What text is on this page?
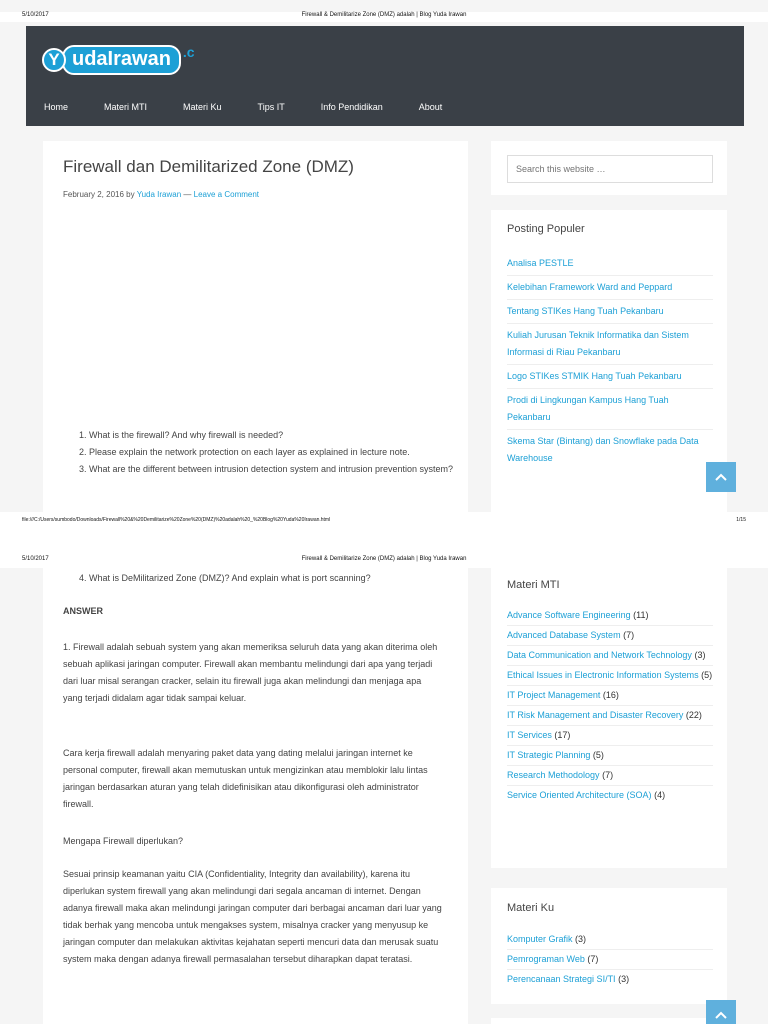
5/10/2017	Firewall & Demilitarize Zone (DMZ) adalah | Blog Yuda Irawan
Y udaIrawan .c
Home	Materi MTI	Materi Ku	Tips IT	Info Pendidikan	About
Firewall dan Demilitarized Zone (DMZ)
February 2, 2016 by Yuda Irawan — Leave a Comment
1. What is the firewall? And why firewall is needed?
2. Please explain the network protection on each layer as explained in lecture note.
3. What are the different between intrusion detection system and intrusion prevention system?
Search this website …
Posting Populer
Analisa PESTLE
Kelebihan Framework Ward and Peppard
Tentang STIKes Hang Tuah Pekanbaru
Kuliah Jurusan Teknik Informatika dan Sistem Informasi di Riau Pekanbaru
Logo STIKes STMIK Hang Tuah Pekanbaru
Prodi di Lingkungan Kampus Hang Tuah Pekanbaru
Skema Star (Bintang) dan Snowflake pada Data Warehouse
file:///C:/Users/sumbodo/Downloads/Firewall%20&%20Demilitarize%20Zone%20(DMZ)%20adalah%20_%20Blog%20Yuda%20Irawan.html	1/15
5/10/2017	Firewall & Demilitarize Zone (DMZ) adalah | Blog Yuda Irawan
4. What is DeMilitarized Zone (DMZ)? And explain what is port scanning?
ANSWER

1. Firewall adalah sebuah system yang akan memeriksa seluruh data yang akan diterima oleh sebuah aplikasi jaringan computer. Firewall akan membantu melindungi dari apa yang terjadi dari luar misal serangan cracker, selain itu firewall juga akan melindungi dan menjaga apa yang terjadi didalam agar tidak sampai keluar.

Cara kerja firewall adalah menyaring paket data yang dating melalui jaringan internet ke personal computer, firewall akan memutuskan untuk mengizinkan atau memblokir lalu lintas jaringan berdasarkan aturan yang telah didefinisikan atau dikonfigurasi oleh administrator firewall.

Mengapa Firewall diperlukan?

Sesuai prinsip keamanan yaitu CIA (Confidentiality, Integrity dan availability), karena itu diperlukan system firewall yang akan melindungi dari segala ancaman di internet. Dengan adanya firewall maka akan melindungi jaringan computer dari berbagai ancaman dari luar yang tidak berhak yang mencoba untuk mengakses system, misalnya cracker yang menyusup ke jaringan computer dan melakukan aktivitas kejahatan seperti mencuri data dan merusak suatu system maka dengan adanya firewall permasalahan tersebut diharapkan dapat teratasi.

Materi MTI
Advance Software Engineering (11)
Advanced Database System (7)
Data Communication and Network Technology (3)
Ethical Issues in Electronic Information Systems (5)
IT Project Management (16)
IT Risk Management and Disaster Recovery (22)
IT Services (17)
IT Strategic Planning (5)
Research Methodology (7)
Service Oriented Architecture (SOA) (4)
Materi Ku
Komputer Grafik (3)
Pemrograman Web (7)
Perencanaan Strategi SI/TI (3)
